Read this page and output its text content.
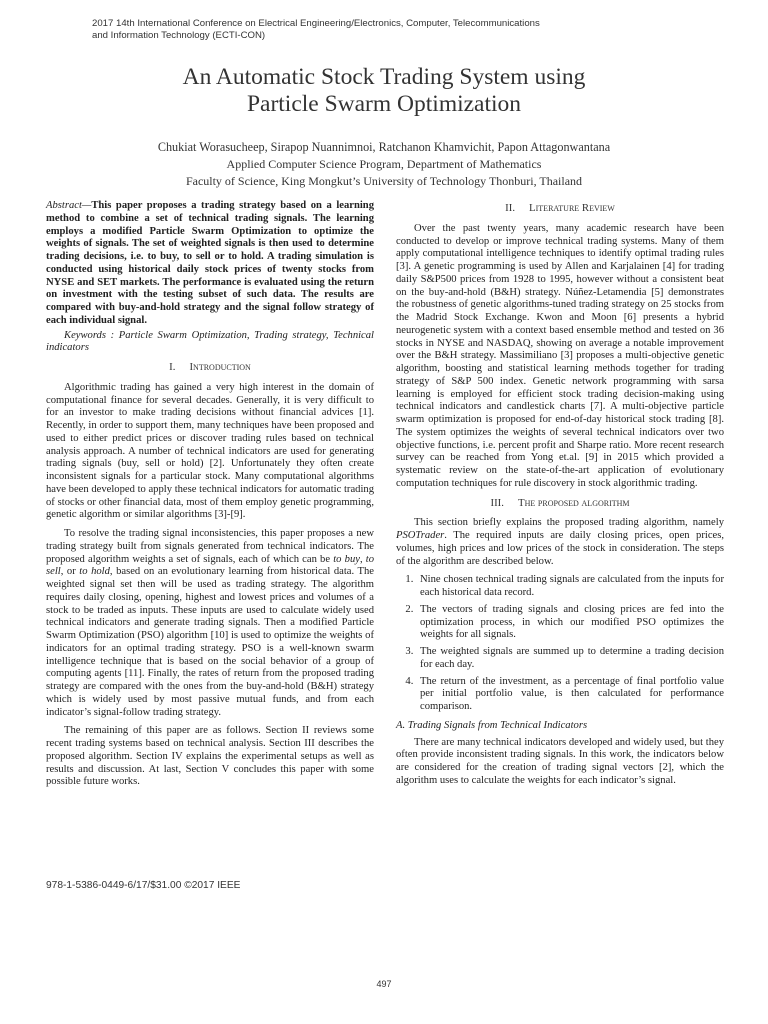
2017 14th International Conference on Electrical Engineering/Electronics, Computer, Telecommunications
and Information Technology (ECTI-CON)
An Automatic Stock Trading System using
Particle Swarm Optimization
Chukiat Worasucheep, Sirapop Nuannimnoi, Ratchanon Khamvichit, Papon Attagonwantana
Applied Computer Science Program, Department of Mathematics
Faculty of Science, King Mongkut’s University of Technology Thonburi, Thailand

Abstract—This paper proposes a trading strategy based on a learning method to combine a set of technical trading signals. The learning employs a modified Particle Swarm Optimization to optimize the weights of signals. The set of weighted signals is then used to determine trading decisions, i.e. to buy, to sell or to hold. A trading simulation is conducted using historical daily stock prices of twenty stocks from NYSE and SET markets. The performance is evaluated using the return on investment with the testing subset of such data. The results are compared with buy-and-hold strategy and the signal follow strategy of each individual signal.

Keywords : Particle Swarm Optimization, Trading strategy, Technical indicators

I. Introduction

Algorithmic trading has gained a very high interest in the domain of computational finance for several decades. Generally, it is very difficult to for an investor to make trading decisions without financial advices [1]. Recently, in order to support them, many techniques have been proposed and used to either predict prices or discover trading rules based on technical analysis approach. A number of technical indicators are used for generating trading signals (buy, sell or hold) [2]. Unfortunately they often create inconsistent signals for a particular stock. Many computational algorithms have been developed to apply these technical indicators for automatic trading of stocks or other financial data, most of them employ genetic programming, genetic algorithm or similar algorithms [3]-[9].

To resolve the trading signal inconsistencies, this paper proposes a new trading strategy built from signals generated from technical indicators. The proposed algorithm weights a set of signals, each of which can be to buy, to sell, or to hold, based on an evolutionary learning from historical data. The weighted signal set then will be used as trading strategy. The algorithm requires daily closing, opening, highest and lowest prices and volumes of a stock to be traded as inputs. These inputs are used to calculate widely used technical indicators and generate trading signals. Then a modified Particle Swarm Optimization (PSO) algorithm [10] is used to optimize the weights of indicators for an optimal trading strategy. PSO is a well-known swarm intelligence technique that is based on the social behavior of a group of computing agents [11]. Finally, the rates of return from the proposed trading strategy are compared with the ones from the buy-and-hold (B&H) strategy which is widely used by most passive mutual funds, and from each indicator’s signal-follow trading strategy.

The remaining of this paper are as follows. Section II reviews some recent trading systems based on technical analysis. Section III describes the proposed algorithm. Section IV explains the experimental setups as well as results and discussion. At last, Section V concludes this paper with some possible future works.

II. Literature Review

Over the past twenty years, many academic research have been conducted to develop or improve technical trading systems. Many of them apply computational intelligence techniques to identify optimal trading rules [3]. A genetic programming is used by Allen and Karjalainen [4] for trading daily S&P500 prices from 1928 to 1995, however without a consistent beat on the buy-and-hold (B&H) strategy. Núñez-Letamendia [5] demonstrates the robustness of genetic algorithms-tuned trading strategy on 25 stocks from the Madrid Stock Exchange. Kwon and Moon [6] presents a hybrid neurogenetic system with a context based ensemble method and tested on 36 stocks in NYSE and NASDAQ, showing on average a notable improvement over the B&H strategy. Massimiliano [3] proposes a multi-objective genetic algorithm, boosting and statistical learning methods together for trading strategy of S&P 500 index. Genetic network programming with sarsa learning is employed for efficient stock trading decision-making using technical indicators and candlestick charts [7]. A multi-objective particle swarm optimization is proposed for end-of-day historical stock trading [8]. The system optimizes the weights of several technical indicators over two objective functions, i.e. percent profit and Sharpe ratio. More recent research survey can be reached from Yong et.al. [9] in 2015 which provided a systematic review on the state-of-the-art application of evolutionary computation techniques for rule discovery in stock algorithmic trading.

III. The proposed algorithm

This section briefly explains the proposed trading algorithm, namely PSOTrader. The required inputs are daily closing prices, open prices, volumes, high prices and low prices of the stock in consideration. The steps of the algorithm are described below.

1. Nine chosen technical trading signals are calculated from the inputs for each historical data record.
2. The vectors of trading signals and closing prices are fed into the optimization process, in which our modified PSO optimizes the weights for all signals.
3. The weighted signals are summed up to determine a trading decision for each day.
4. The return of the investment, as a percentage of final portfolio value per initial portfolio value, is then calculated for performance comparison.
A. Trading Signals from Technical Indicators

There are many technical indicators developed and widely used, but they often provide inconsistent trading signals. In this work, the indicators below are considered for the creation of trading signal vectors [2], which the algorithm uses to calculate the weights for each indicator’s signal.

978-1-5386-0449-6/17/$31.00 ©2017 IEEE
497
